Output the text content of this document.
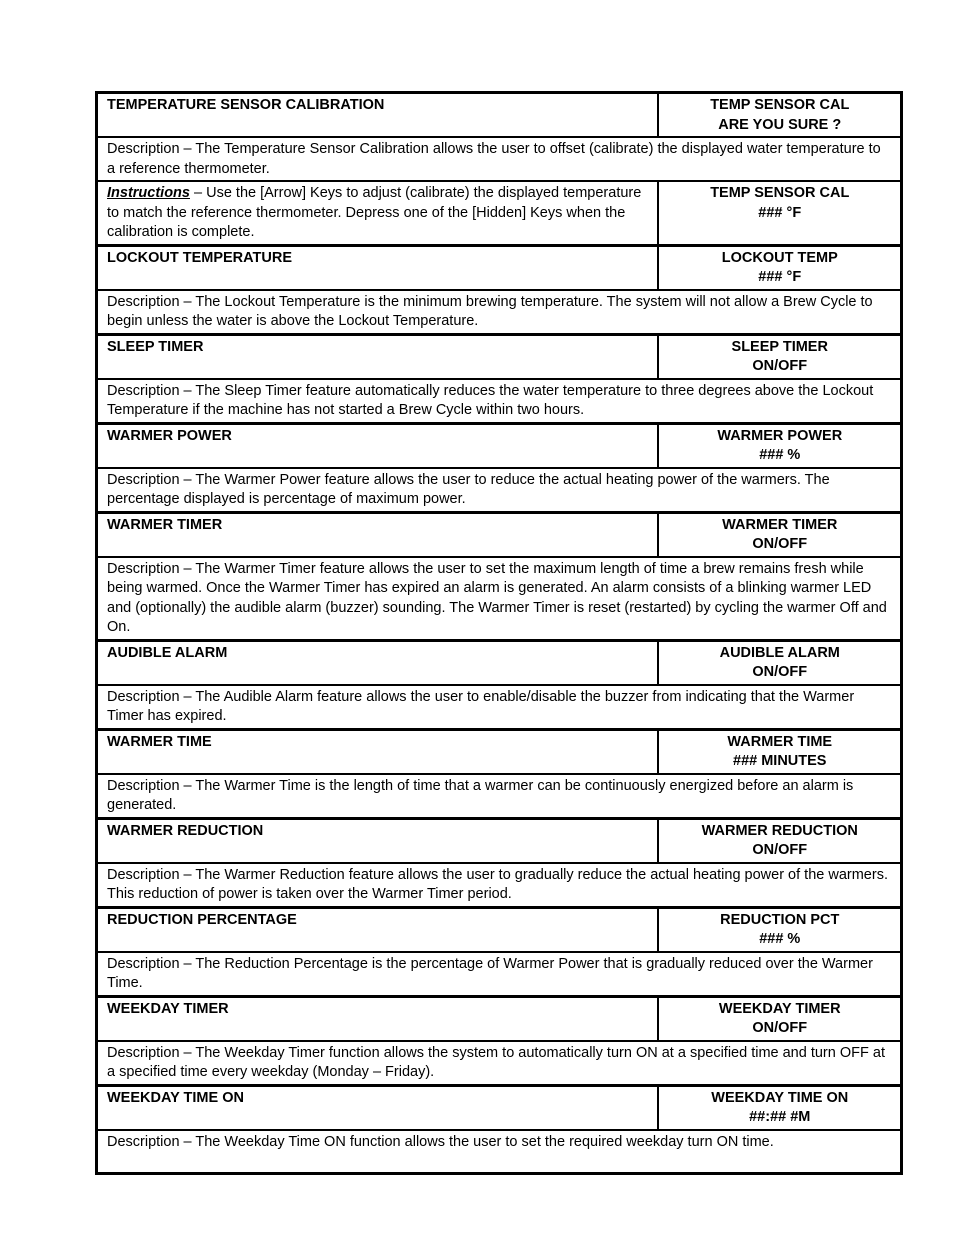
TEMPERATURE SENSOR CALIBRATION	TEMP SENSOR CAL
ARE YOU SURE ?

Description – The Temperature Sensor Calibration allows the user to offset (calibrate) the displayed water temperature to a reference thermometer.	
Instructions – Use the [Arrow] Keys to adjust (calibrate) the displayed temperature to match the reference thermometer. Depress one of the [Hidden] Keys when the calibration is complete.	TEMP SENSOR CAL
### °F

LOCKOUT TEMPERATURE	LOCKOUT TEMP
### °F

Description – The Lockout Temperature is the minimum brewing temperature. The system will not allow a Brew Cycle to begin unless the water is above the Lockout Temperature.	
SLEEP TIMER	SLEEP TIMER
ON/OFF

Description – The Sleep Timer feature automatically reduces the water temperature to three degrees above the Lockout Temperature if the machine has not started a Brew Cycle within two hours.	
WARMER POWER	WARMER POWER
### %

Description – The Warmer Power feature allows the user to reduce the actual heating power of the warmers. The percentage displayed is percentage of maximum power.	
WARMER TIMER	WARMER TIMER
ON/OFF

Description – The Warmer Timer feature allows the user to set the maximum length of time a brew remains fresh while being warmed. Once the Warmer Timer has expired an alarm is generated. An alarm consists of a blinking warmer LED and (optionally) the audible alarm (buzzer) sounding. The Warmer Timer is reset (restarted) by cycling the warmer Off and On.	
AUDIBLE ALARM	AUDIBLE ALARM
ON/OFF

Description – The Audible Alarm feature allows the user to enable/disable the buzzer from indicating that the Warmer Timer has expired.	
WARMER TIME	WARMER TIME
### MINUTES

Description – The Warmer Time is the length of time that a warmer can be continuously energized before an alarm is generated.	
WARMER REDUCTION	WARMER REDUCTION
ON/OFF

Description – The Warmer Reduction feature allows the user to gradually reduce the actual heating power of the warmers. This reduction of power is taken over the Warmer Timer period.	
REDUCTION PERCENTAGE	REDUCTION PCT
### %

Description – The Reduction Percentage is the percentage of Warmer Power that is gradually reduced over the Warmer Time.	
WEEKDAY TIMER	WEEKDAY TIMER
ON/OFF

Description – The Weekday Timer function allows the system to automatically turn ON at a specified time and turn OFF at a specified time every weekday (Monday – Friday).	
WEEKDAY TIME ON	WEEKDAY TIME ON
##:## #M

Description – The Weekday Time ON function allows the user to set the required weekday turn ON time.	
